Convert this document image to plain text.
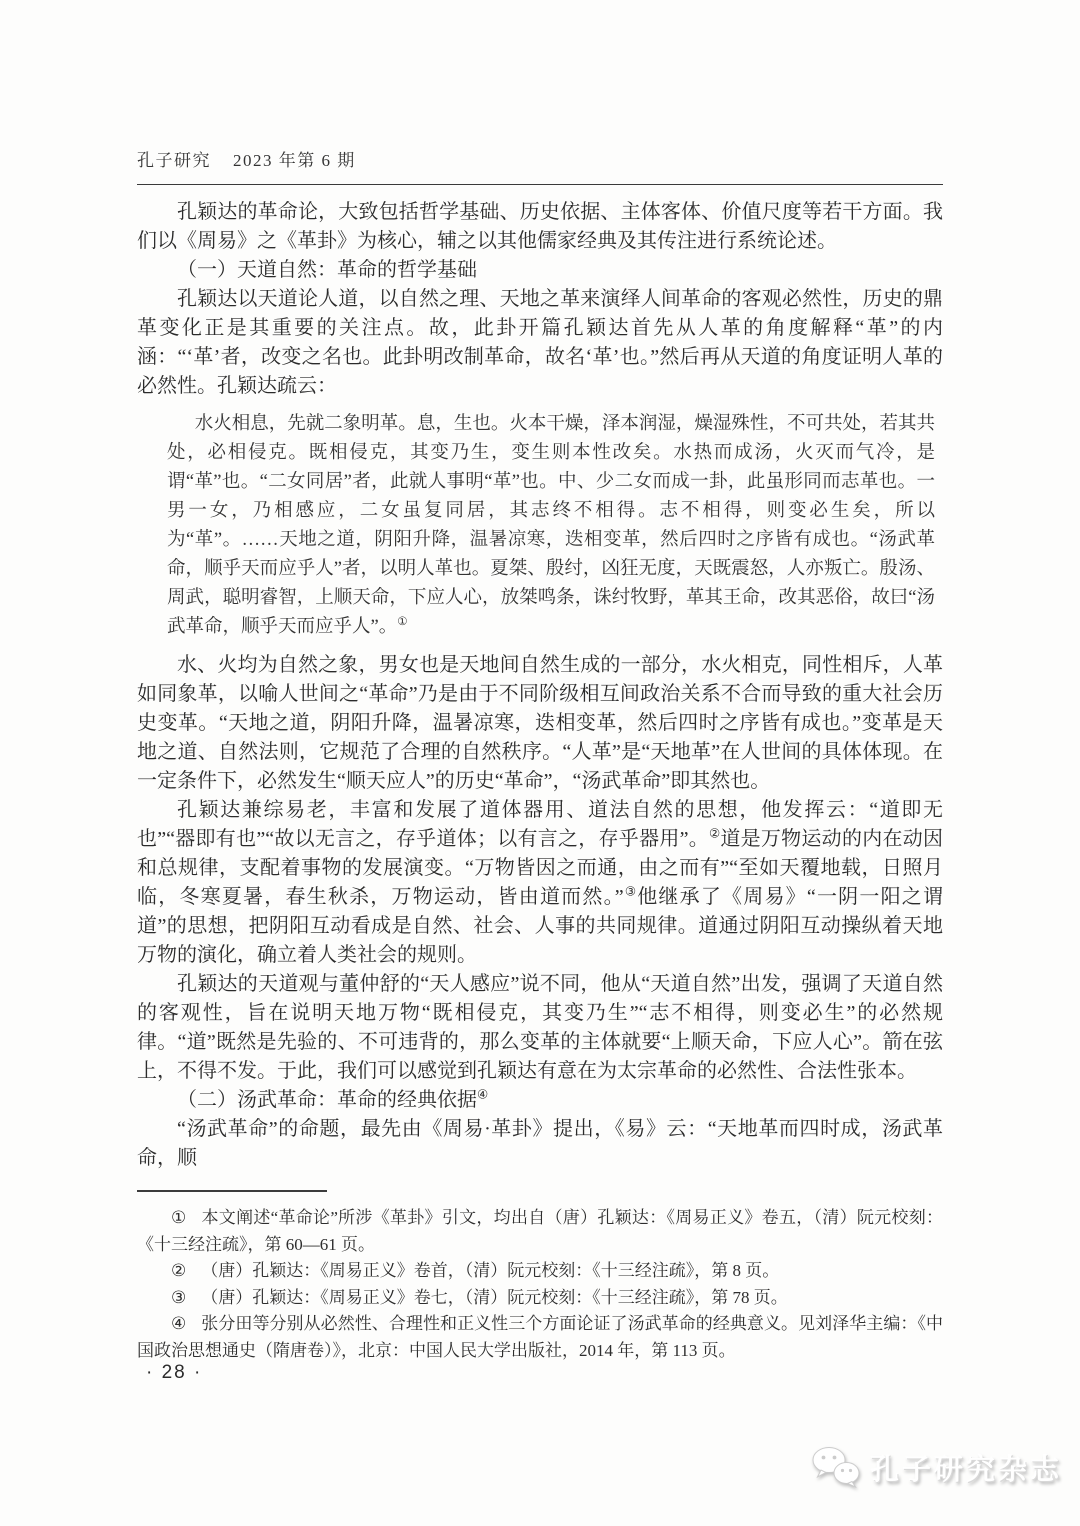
孔子研究 2023 年第 6 期

孔颖达的革命论，大致包括哲学基础、历史依据、主体客体、价值尺度等若干方面。我们以《周易》之《革卦》为核心，辅之以其他儒家经典及其传注进行系统论述。

（一）天道自然：革命的哲学基础

孔颖达以天道论人道，以自然之理、天地之革来演绎人间革命的客观必然性，历史的鼎革变化正是其重要的关注点。故，此卦开篇孔颖达首先从人革的角度解释“革”的内涵：“‘革’者，改变之名也。此卦明改制革命，故名‘革’也。”然后再从天道的角度证明人革的必然性。孔颖达疏云：

水火相息，先就二象明革。息，生也。火本干燥，泽本润湿，燥湿殊性，不可共处，若其共处，必相侵克。既相侵克，其变乃生，变生则本性改矣。水热而成汤，火灭而气冷，是谓“革”也。“二女同居”者，此就人事明“革”也。中、少二女而成一卦，此虽形同而志革也。一男一女，乃相感应，二女虽复同居，其志终不相得。志不相得，则变必生矣，所以为“革”。……天地之道，阴阳升降，温暑凉寒，迭相变革，然后四时之序皆有成也。“汤武革命，顺乎天而应乎人”者，以明人革也。夏桀、殷纣，凶狂无度，天既震怒，人亦叛亡。殷汤、周武，聪明睿智，上顺天命，下应人心，放桀鸣条，诛纣牧野，革其王命，改其恶俗，故曰“汤武革命，顺乎天而应乎人”。①

水、火均为自然之象，男女也是天地间自然生成的一部分，水火相克，同性相斥，人革如同象革，以喻人世间之“革命”乃是由于不同阶级相互间政治关系不合而导致的重大社会历史变革。“天地之道，阴阳升降，温暑凉寒，迭相变革，然后四时之序皆有成也。”变革是天地之道、自然法则，它规范了合理的自然秩序。“人革”是“天地革”在人世间的具体体现。在一定条件下，必然发生“顺天应人”的历史“革命”，“汤武革命”即其然也。

孔颖达兼综易老，丰富和发展了道体器用、道法自然的思想，他发挥云：“道即无也”“器即有也”“故以无言之，存乎道体；以有言之，存乎器用”。②道是万物运动的内在动因和总规律，支配着事物的发展演变。“万物皆因之而通，由之而有”“至如天覆地载，日照月临，冬寒夏暑，春生秋杀，万物运动，皆由道而然。”③他继承了《周易》“一阴一阳之谓道”的思想，把阴阳互动看成是自然、社会、人事的共同规律。道通过阴阳互动操纵着天地万物的演化，确立着人类社会的规则。

孔颖达的天道观与董仲舒的“天人感应”说不同，他从“天道自然”出发，强调了天道自然的客观性，旨在说明天地万物“既相侵克，其变乃生”“志不相得，则变必生”的必然规律。“道”既然是先验的、不可违背的，那么变革的主体就要“上顺天命，下应人心”。箭在弦上，不得不发。于此，我们可以感觉到孔颖达有意在为太宗革命的必然性、合法性张本。

（二）汤武革命：革命的经典依据④

“汤武革命”的命题，最先由《周易·革卦》提出，《易》云：“天地革而四时成，汤武革命，顺

① 本文阐述“革命论”所涉《革卦》引文，均出自（唐）孔颖达：《周易正义》卷五，（清）阮元校刻：《十三经注疏》，第 60—61 页。

② （唐）孔颖达：《周易正义》卷首，（清）阮元校刻：《十三经注疏》，第 8 页。

③ （唐）孔颖达：《周易正义》卷七，（清）阮元校刻：《十三经注疏》，第 78 页。

④ 张分田等分别从必然性、合理性和正义性三个方面论证了汤武革命的经典意义。见刘泽华主编：《中国政治思想通史（隋唐卷）》，北京：中国人民大学出版社，2014 年，第 113 页。

· 28 ·
孔子研究杂志
